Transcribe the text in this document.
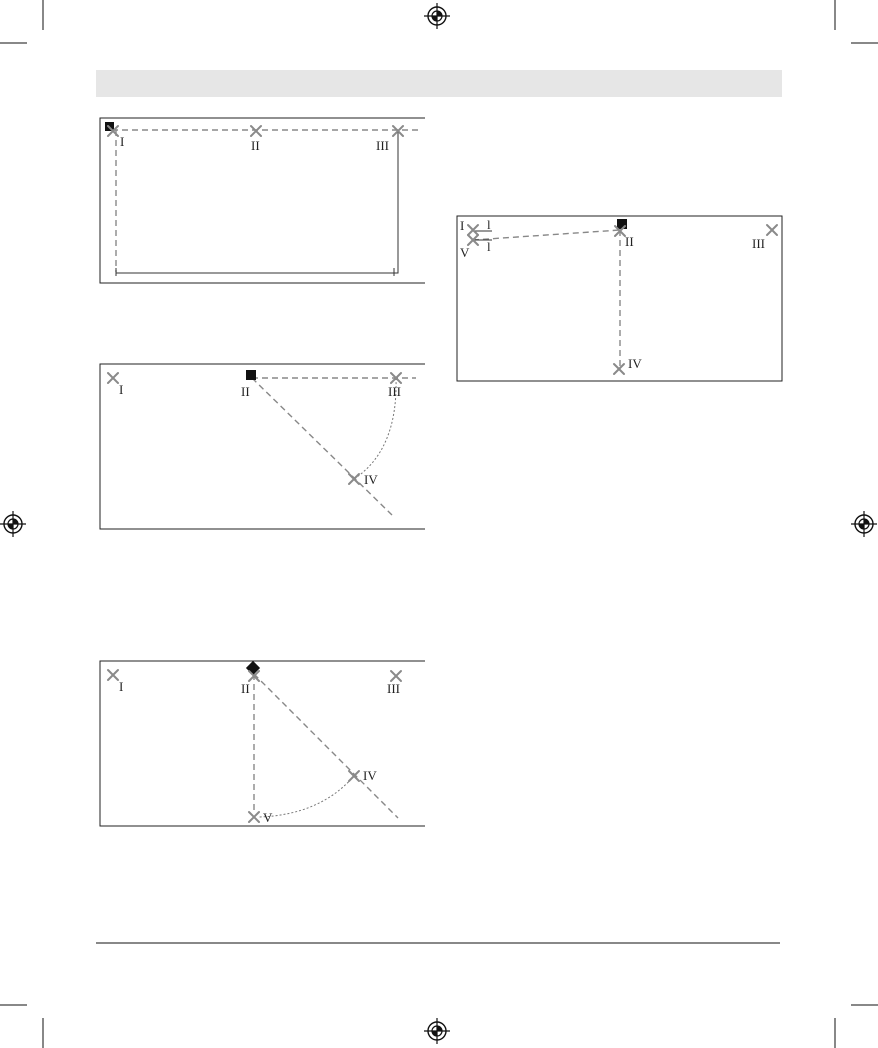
I	II	III
I	II	III
IV
I	II	III
IV
V
I
V
l
l	II	III
IV
